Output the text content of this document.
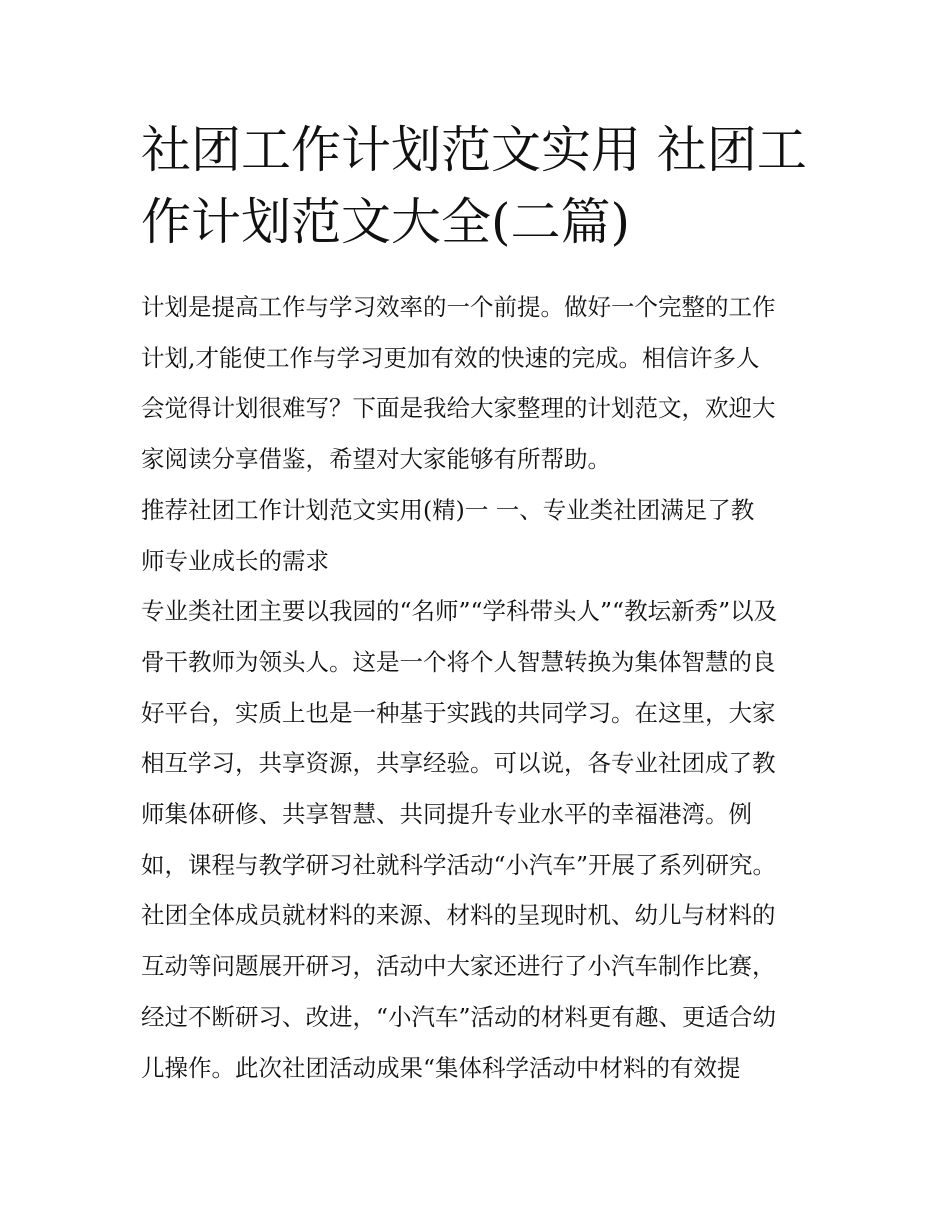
社团工作计划范文实用 社团工
作计划范文大全(二篇)
计划是提高工作与学习效率的一个前提。做好一个完整的工作
计划,才能使工作与学习更加有效的快速的完成。相信许多人
会觉得计划很难写？下面是我给大家整理的计划范文，欢迎大
家阅读分享借鉴，希望对大家能够有所帮助。
推荐社团工作计划范文实用(精)一 一、专业类社团满足了教
师专业成长的需求
专业类社团主要以我园的“名师”“学科带头人”“教坛新秀”以及
骨干教师为领头人。这是一个将个人智慧转换为集体智慧的良
好平台，实质上也是一种基于实践的共同学习。在这里，大家
相互学习，共享资源，共享经验。可以说，各专业社团成了教
师集体研修、共享智慧、共同提升专业水平的幸福港湾。例
如，课程与教学研习社就科学活动“小汽车”开展了系列研究。
社团全体成员就材料的来源、材料的呈现时机、幼儿与材料的
互动等问题展开研习，活动中大家还进行了小汽车制作比赛，
经过不断研习、改进，“小汽车”活动的材料更有趣、更适合幼
儿操作。此次社团活动成果“集体科学活动中材料的有效提
